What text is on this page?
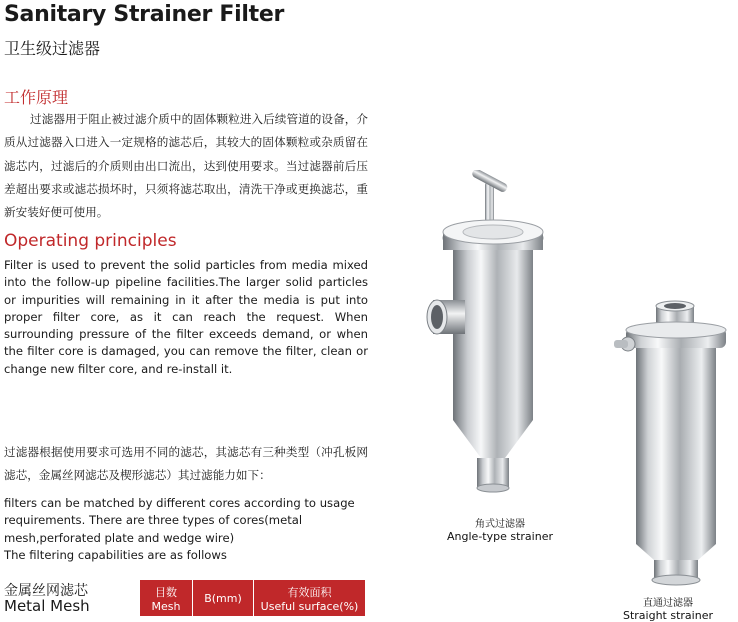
Sanitary Strainer Filter
卫生级过滤器
工作原理
过滤器用于阻止被过滤介质中的固体颗粒进入后续管道的设备，介质从过滤器入口进入一定规格的滤芯后，其较大的固体颗粒或杂质留在滤芯内，过滤后的介质则由出口流出，达到使用要求。当过滤器前后压差超出要求或滤芯损坏时，只须将滤芯取出，清洗干净或更换滤芯，重新安装好便可使用。
Operating principles
Filter is used to prevent the solid particles from media mixed into the follow-up pipeline facilities.The larger solid particles or impurities will remaining in it after the media is put into proper filter core, as it can reach the request. When surrounding pressure of the filter exceeds demand, or when the filter core is damaged, you can remove the filter, clean or change new filter core, and re-install it.
过滤器根据使用要求可选用不同的滤芯，其滤芯有三种类型（冲孔板网滤芯，金属丝网滤芯及楔形滤芯）其过滤能力如下：
filters can be matched by different cores according to usage requirements. There are three types of cores(metal mesh,perforated plate and wedge wire)
The filtering capabilities are as follows
金属丝网滤芯
Metal Mesh
目数
Mesh
B(mm)	有效面积
Useful surface(%)
角式过滤器
Angle-type strainer
直通过滤器
Straight strainer
